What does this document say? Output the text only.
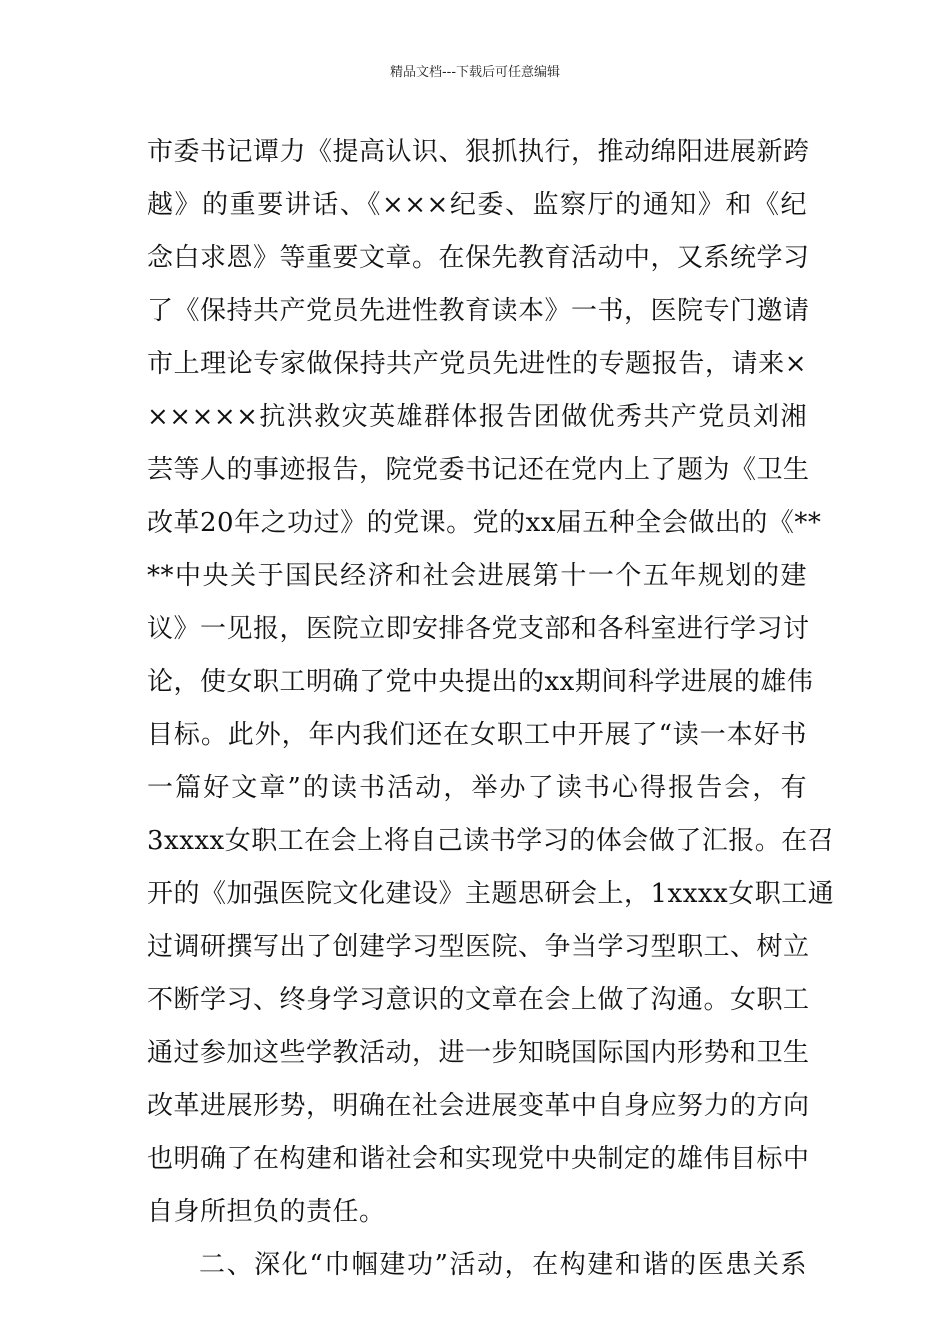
精品文档---下载后可任意编辑
市委书记谭力《提高认识、狠抓执行，推动绵阳进展新跨
越》的重要讲话、《×××纪委、监察厅的通知》和《纪
念白求恩》等重要文章。在保先教育活动中，又系统学习
了《保持共产党员先进性教育读本》一书，医院专门邀请
市上理论专家做保持共产党员先进性的专题报告，请来×
×××××抗洪救灾英雄群体报告团做优秀共产党员刘湘
芸等人的事迹报告，院党委书记还在党内上了题为《卫生
改革20年之功过》的党课。党的xx届五种全会做出的《**
**中央关于国民经济和社会进展第十一个五年规划的建
议》一见报，医院立即安排各党支部和各科室进行学习讨
论，使女职工明确了党中央提出的xx期间科学进展的雄伟
目标。此外，年内我们还在女职工中开展了“读一本好书
一篇好文章”的读书活动，举办了读书心得报告会，有
3xxxx女职工在会上将自己读书学习的体会做了汇报。在召
开的《加强医院文化建设》主题思研会上，1xxxx女职工通
过调研撰写出了创建学习型医院、争当学习型职工、树立
不断学习、终身学习意识的文章在会上做了沟通。女职工
通过参加这些学教活动，进一步知晓国际国内形势和卫生
改革进展形势，明确在社会进展变革中自身应努力的方向
也明确了在构建和谐社会和实现党中央制定的雄伟目标中
自身所担负的责任。
二、深化“巾帼建功”活动，在构建和谐的医患关系
